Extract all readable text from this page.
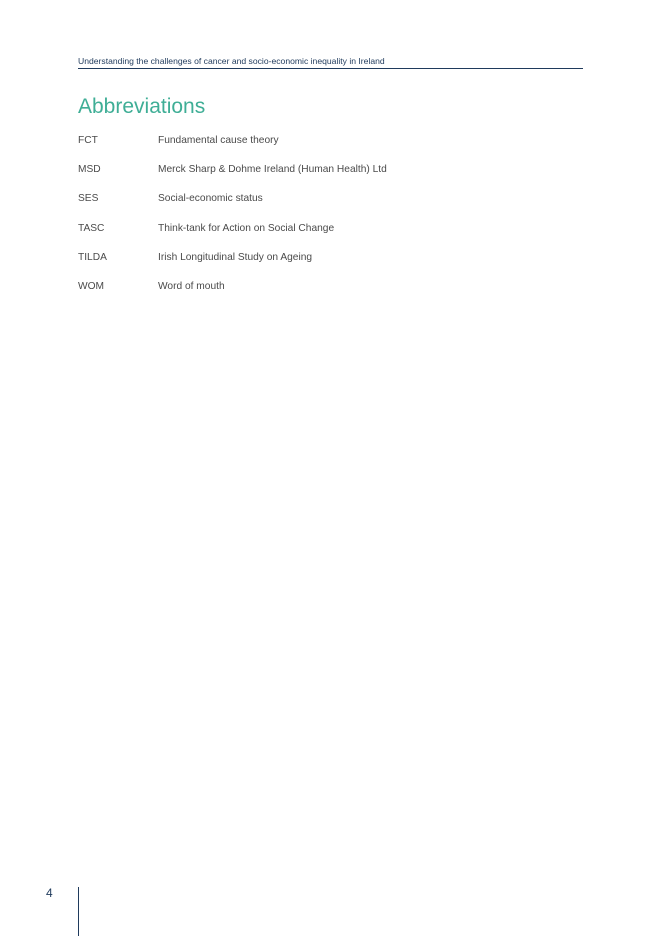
Understanding the challenges of cancer and socio-economic inequality in Ireland
Abbreviations
FCT	Fundamental cause theory
MSD	Merck Sharp & Dohme Ireland (Human Health) Ltd
SES	Social-economic status
TASC	Think-tank for Action on Social Change
TILDA	Irish Longitudinal Study on Ageing
WOM	Word of mouth
4
